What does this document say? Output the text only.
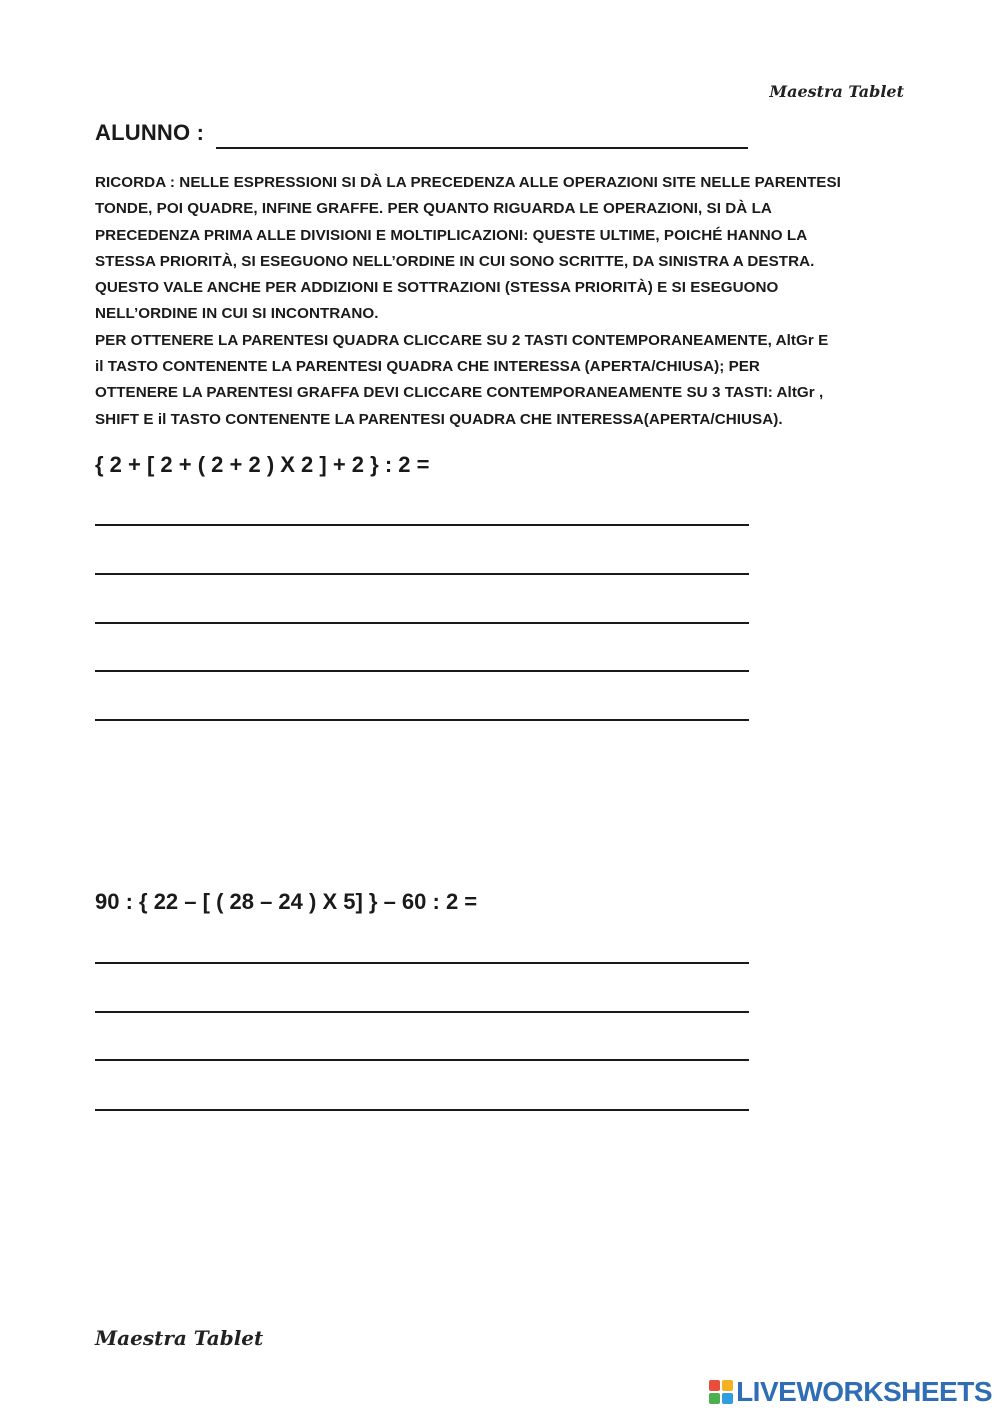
Maestra Tablet
ALUNNO :

RICORDA : NELLE ESPRESSIONI SI DÀ LA PRECEDENZA ALLE OPERAZIONI SITE NELLE PARENTESI

TONDE, POI QUADRE, INFINE GRAFFE. PER QUANTO RIGUARDA LE OPERAZIONI, SI DÀ LA

PRECEDENZA PRIMA ALLE DIVISIONI E MOLTIPLICAZIONI: QUESTE ULTIME, POICHÉ HANNO LA

STESSA PRIORITÀ, SI ESEGUONO NELL’ORDINE IN CUI SONO SCRITTE, DA SINISTRA A DESTRA.

QUESTO VALE ANCHE PER ADDIZIONI E SOTTRAZIONI (STESSA PRIORITÀ) E SI ESEGUONO

NELL’ORDINE IN CUI SI INCONTRANO.

PER OTTENERE LA PARENTESI QUADRA CLICCARE SU 2 TASTI CONTEMPORANEAMENTE, AltGr E

il TASTO CONTENENTE LA PARENTESI QUADRA CHE INTERESSA (APERTA/CHIUSA); PER

OTTENERE LA PARENTESI GRAFFA DEVI CLICCARE CONTEMPORANEAMENTE SU 3 TASTI: AltGr ,

SHIFT E il TASTO CONTENENTE LA PARENTESI QUADRA CHE INTERESSA(APERTA/CHIUSA).

{ 2 + [ 2 + ( 2 + 2 ) X 2 ] + 2 } : 2 =
90 : { 22 – [ ( 28 – 24 ) X 5] } – 60 : 2 =
Maestra Tablet
LIVEWORKSHEETS
